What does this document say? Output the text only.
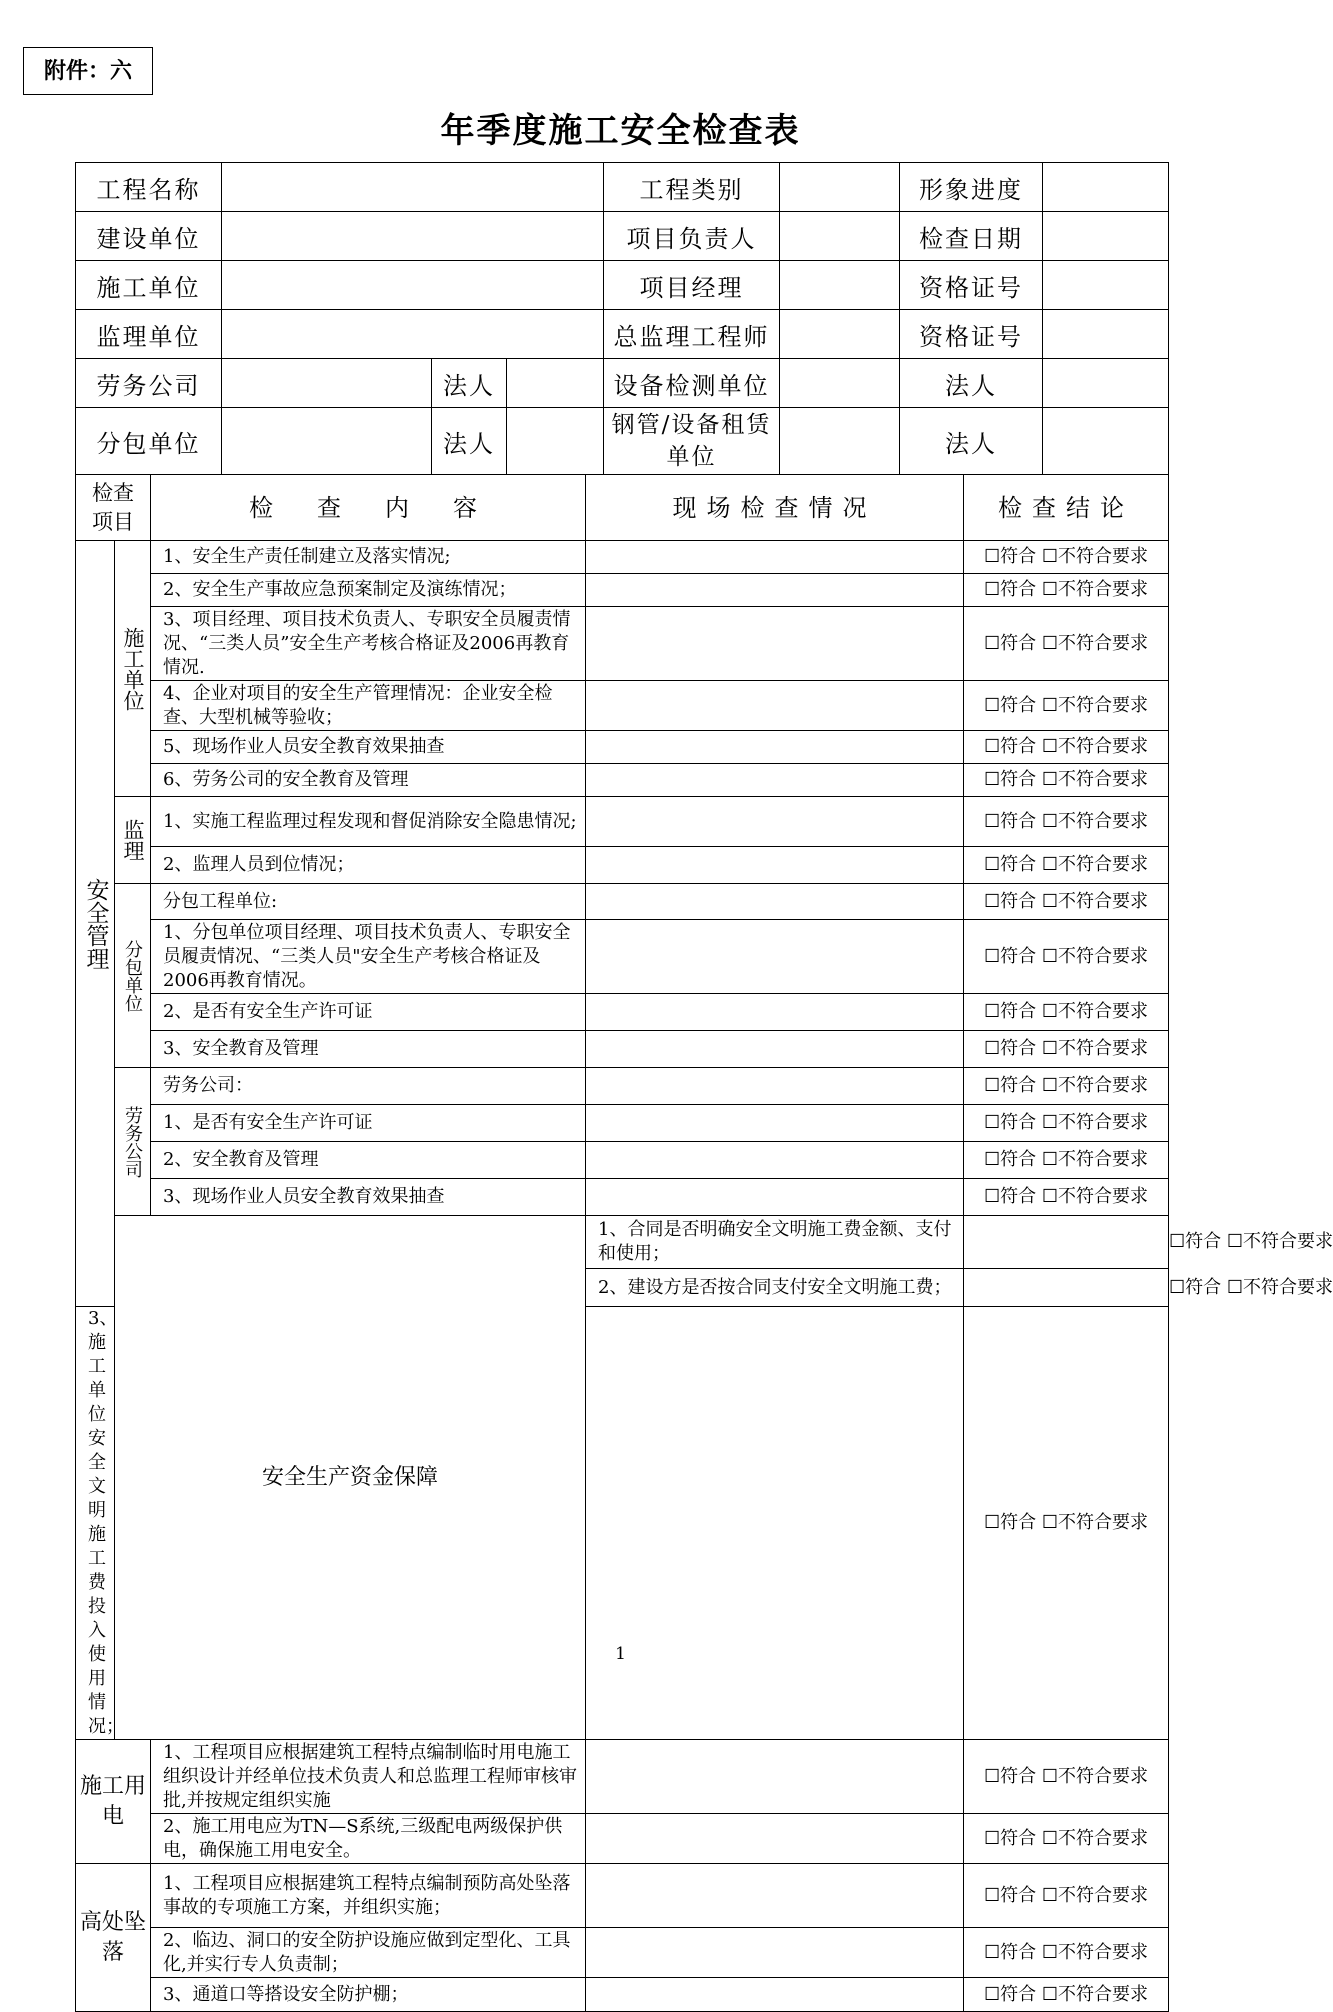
附件：六
年季度施工安全检查表
工程名称				工程类别		形象进度	
建设单位				项目负责人		检查日期	
施工单位				项目经理		资格证号	
监理单位				总监理工程师		资格证号	
劳务公司		法人		设备检测单位		法人	
分包单位		法人		钢管/设备租赁单位		法人	
检查项目		检　查　内　容	现场检查情况	检查结论	
安全管理	施工单位	1、安全生产责任制建立及落实情况;		☐符合 ☐不符合要求	
		2、安全生产事故应急预案制定及演练情况；		☐符合 ☐不符合要求	
		3、项目经理、项目技术负责人、专职安全员履责情况、“三类人员”安全生产考核合格证及2006再教育情况.		☐符合 ☐不符合要求	
		4、企业对项目的安全生产管理情况：企业安全检查、大型机械等验收；		☐符合 ☐不符合要求	
		5、现场作业人员安全教育效果抽查		☐符合 ☐不符合要求	
		6、劳务公司的安全教育及管理		☐符合 ☐不符合要求	
	监理	1、实施工程监理过程发现和督促消除安全隐患情况;		☐符合 ☐不符合要求	
		2、监理人员到位情况；		☐符合 ☐不符合要求	
	分包单位	分包工程单位:		☐符合 ☐不符合要求	
		1、分包单位项目经理、项目技术负责人、专职安全员履责情况、“三类人员"安全生产考核合格证及2006再教育情况。		☐符合 ☐不符合要求	
		2、是否有安全生产许可证		☐符合 ☐不符合要求	
		3、安全教育及管理		☐符合 ☐不符合要求	
	劳务公司	劳务公司：		☐符合 ☐不符合要求	
		1、是否有安全生产许可证		☐符合 ☐不符合要求	
		2、安全教育及管理		☐符合 ☐不符合要求	
		3、现场作业人员安全教育效果抽查		☐符合 ☐不符合要求	
	安全生产资金保障		1、合同是否明确安全文明施工费金额、支付和使用；		☐符合 ☐不符合要求
			2、建设方是否按合同支付安全文明施工费；		☐符合 ☐不符合要求
3、施工单位安全文明施工费投入使用情况；				☐符合 ☐不符合要求	
施工用电		1、工程项目应根据建筑工程特点编制临时用电施工组织设计并经单位技术负责人和总监理工程师审核审批,并按规定组织实施		☐符合 ☐不符合要求	
		2、施工用电应为TN—S系统,三级配电两级保护供电，确保施工用电安全。		☐符合 ☐不符合要求	
高处坠落		1、工程项目应根据建筑工程特点编制预防高处坠落事故的专项施工方案，并组织实施；		☐符合 ☐不符合要求	
		2、临边、洞口的安全防护设施应做到定型化、工具化,并实行专人负责制；		☐符合 ☐不符合要求	
		3、通道口等搭设安全防护棚；		☐符合 ☐不符合要求	
1
